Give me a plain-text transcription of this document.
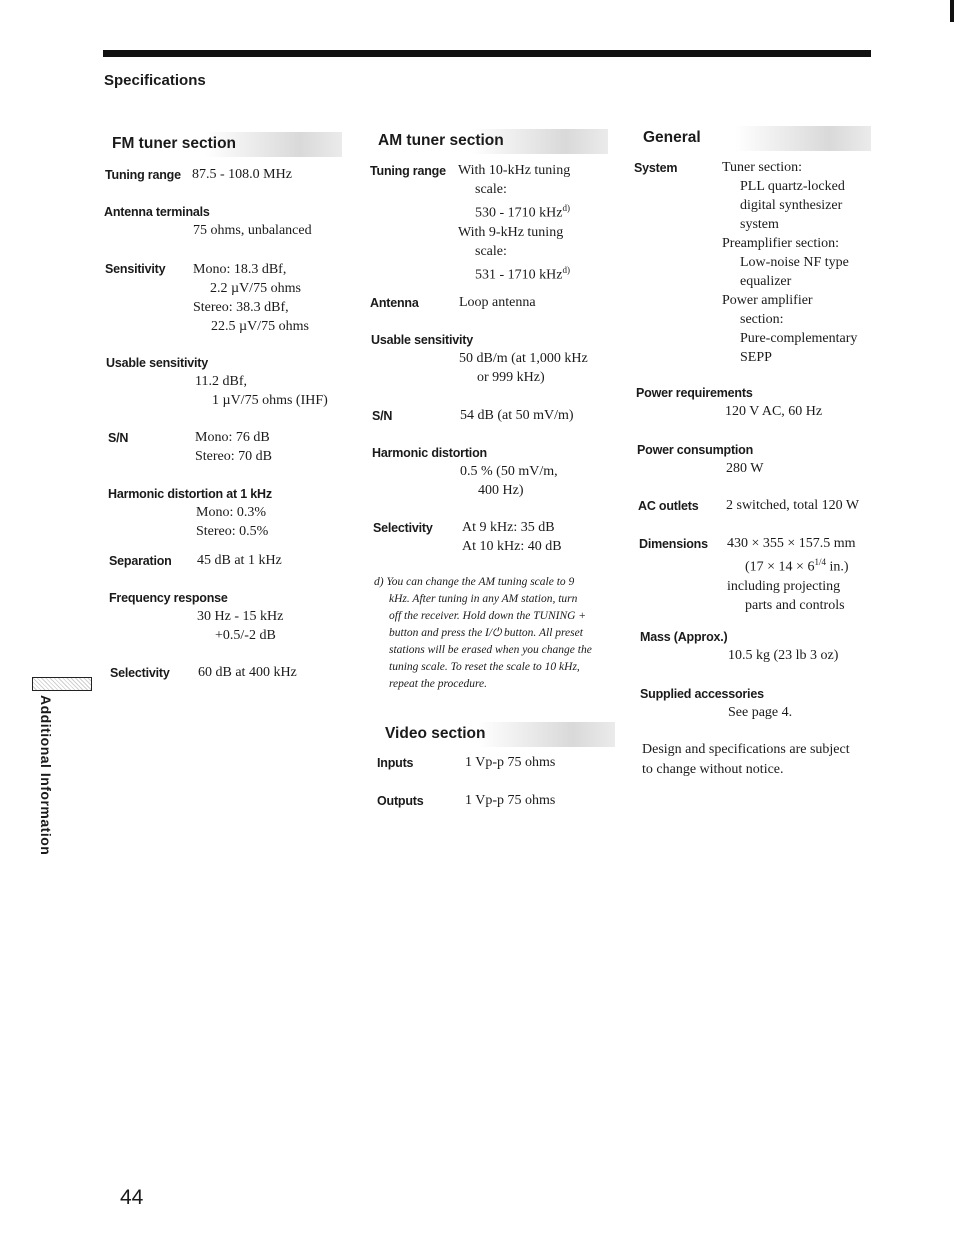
Specifications
FM tuner section
Tuning range 87.5 - 108.0 MHz
Antenna terminals
75 ohms, unbalanced
Sensitivity Mono: 18.3 dBf,
2.2 µV/75 ohms
Stereo: 38.3 dBf,
22.5 µV/75 ohms
Usable sensitivity
11.2 dBf,
1 µV/75 ohms (IHF)
S/N	Mono: 76 dB
Stereo: 70 dB
Harmonic distortion at 1 kHz
Mono: 0.3%
Stereo: 0.5%
Separation 45 dB at 1 kHz
Frequency response
30 Hz - 15 kHz
+0.5/-2 dB
Selectivity 60 dB at 400 kHz
AM tuner section
Tuning range With 10-kHz tuning
scale:
530 - 1710 kHz$^{d)}$
With 9-kHz tuning
scale:
531 - 1710 kHz$^{d)}$
Antenna	Loop antenna
Usable sensitivity
50 dB/m (at 1,000 kHz
or 999 kHz)
S/N	54 dB (at 50 mV/m)
Harmonic distortion
0.5 % (50 mV/m,
400 Hz)
Selectivity At 9 kHz: 35 dB
At 10 kHz: 40 dB
d) You can change the AM tuning scale to 9
kHz. After tuning in any AM station, turn
off the receiver. Hold down the TUNING +
button and press the I/⏻ button. All preset
stations will be erased when you change the
tuning scale. To reset the scale to 10 kHz,
repeat the procedure.
Video section
Inputs	1 Vp-p 75 ohms
Outputs	1 Vp-p 75 ohms
General
System	Tuner section:
PLL quartz-locked
digital synthesizer
system
Preamplifier section:
Low-noise NF type
equalizer
Power amplifier
section:
Pure-complementary
SEPP
Power requirements
120 V AC, 60 Hz
Power consumption
280 W
AC outlets 2 switched, total 120 W
Dimensions 430 × 355 × 157.5 mm
($17 \times 14 \times 6^{1/4}$ in.)
including projecting
parts and controls
Mass (Approx.)
10.5 kg (23 lb 3 oz)
Supplied accessories
See page 4.
Design and specifications are subject
to change without notice.
Additional Information
44
